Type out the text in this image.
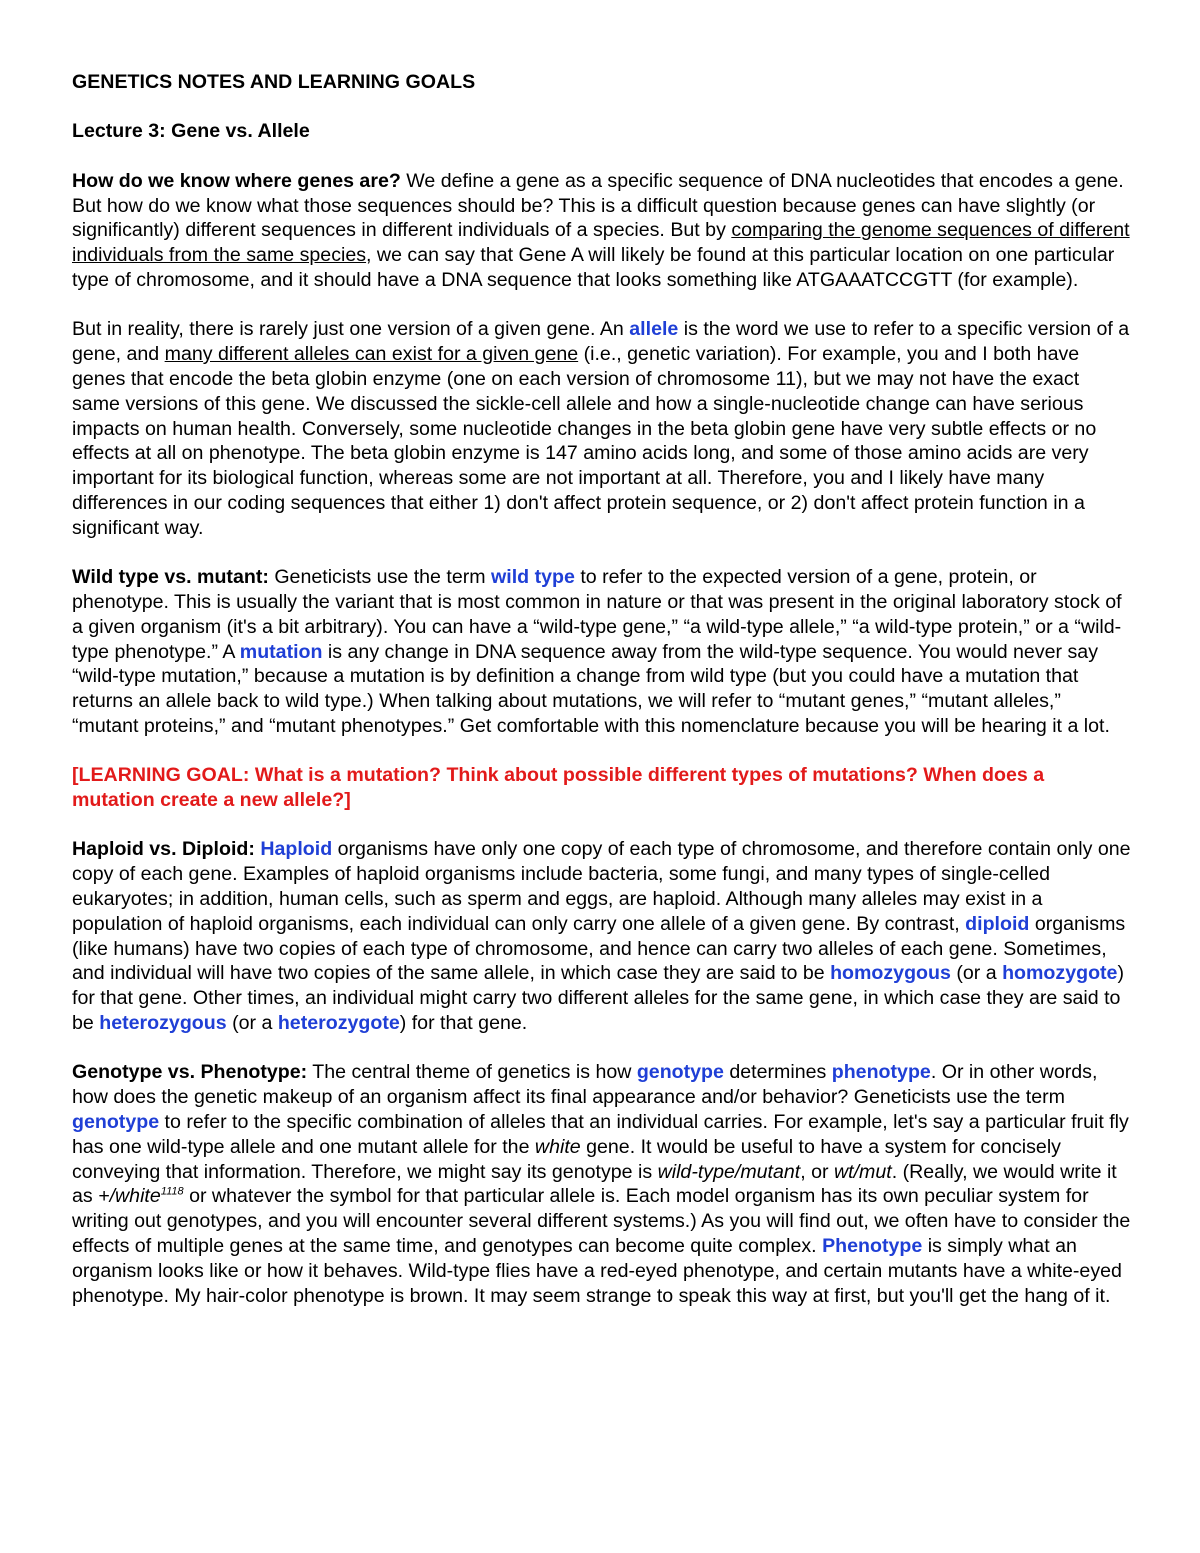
GENETICS NOTES AND LEARNING GOALS

Lecture 3: Gene vs. Allele

How do we know where genes are? We define a gene as a specific sequence of DNA nucleotides that encodes a gene. But how do we know what those sequences should be? This is a difficult question because genes can have slightly (or significantly) different sequences in different individuals of a species. But by comparing the genome sequences of different individuals from the same species, we can say that Gene A will likely be found at this particular location on one particular type of chromosome, and it should have a DNA sequence that looks something like ATGAAATCCGTT (for example).

But in reality, there is rarely just one version of a given gene. An allele is the word we use to refer to a specific version of a gene, and many different alleles can exist for a given gene (i.e., genetic variation). For example, you and I both have genes that encode the beta globin enzyme (one on each version of chromosome 11), but we may not have the exact same versions of this gene. We discussed the sickle-cell allele and how a single-nucleotide change can have serious impacts on human health. Conversely, some nucleotide changes in the beta globin gene have very subtle effects or no effects at all on phenotype. The beta globin enzyme is 147 amino acids long, and some of those amino acids are very important for its biological function, whereas some are not important at all. Therefore, you and I likely have many differences in our coding sequences that either 1) don't affect protein sequence, or 2) don't affect protein function in a significant way.

Wild type vs. mutant: Geneticists use the term wild type to refer to the expected version of a gene, protein, or phenotype. This is usually the variant that is most common in nature or that was present in the original laboratory stock of a given organism (it's a bit arbitrary). You can have a “wild-type gene,” “a wild-type allele,” “a wild-type protein,” or a “wild-type phenotype.” A mutation is any change in DNA sequence away from the wild-type sequence. You would never say “wild-type mutation,” because a mutation is by definition a change from wild type (but you could have a mutation that returns an allele back to wild type.) When talking about mutations, we will refer to “mutant genes,” “mutant alleles,” “mutant proteins,” and “mutant phenotypes.” Get comfortable with this nomenclature because you will be hearing it a lot.

[LEARNING GOAL: What is a mutation? Think about possible different types of mutations? When does a mutation create a new allele?]

Haploid vs. Diploid: Haploid organisms have only one copy of each type of chromosome, and therefore contain only one copy of each gene. Examples of haploid organisms include bacteria, some fungi, and many types of single-celled eukaryotes; in addition, human cells, such as sperm and eggs, are haploid. Although many alleles may exist in a population of haploid organisms, each individual can only carry one allele of a given gene. By contrast, diploid organisms (like humans) have two copies of each type of chromosome, and hence can carry two alleles of each gene. Sometimes, and individual will have two copies of the same allele, in which case they are said to be homozygous (or a homozygote) for that gene. Other times, an individual might carry two different alleles for the same gene, in which case they are said to be heterozygous (or a heterozygote) for that gene.

Genotype vs. Phenotype: The central theme of genetics is how genotype determines phenotype. Or in other words, how does the genetic makeup of an organism affect its final appearance and/or behavior? Geneticists use the term genotype to refer to the specific combination of alleles that an individual carries. For example, let's say a particular fruit fly has one wild-type allele and one mutant allele for the white gene. It would be useful to have a system for concisely conveying that information. Therefore, we might say its genotype is wild-type/mutant, or wt/mut. (Really, we would write it as +/white$^{1118}$ or whatever the symbol for that particular allele is. Each model organism has its own peculiar system for writing out genotypes, and you will encounter several different systems.) As you will find out, we often have to consider the effects of multiple genes at the same time, and genotypes can become quite complex. Phenotype is simply what an organism looks like or how it behaves. Wild-type flies have a red-eyed phenotype, and certain mutants have a white-eyed phenotype. My hair-color phenotype is brown. It may seem strange to speak this way at first, but you'll get the hang of it.
